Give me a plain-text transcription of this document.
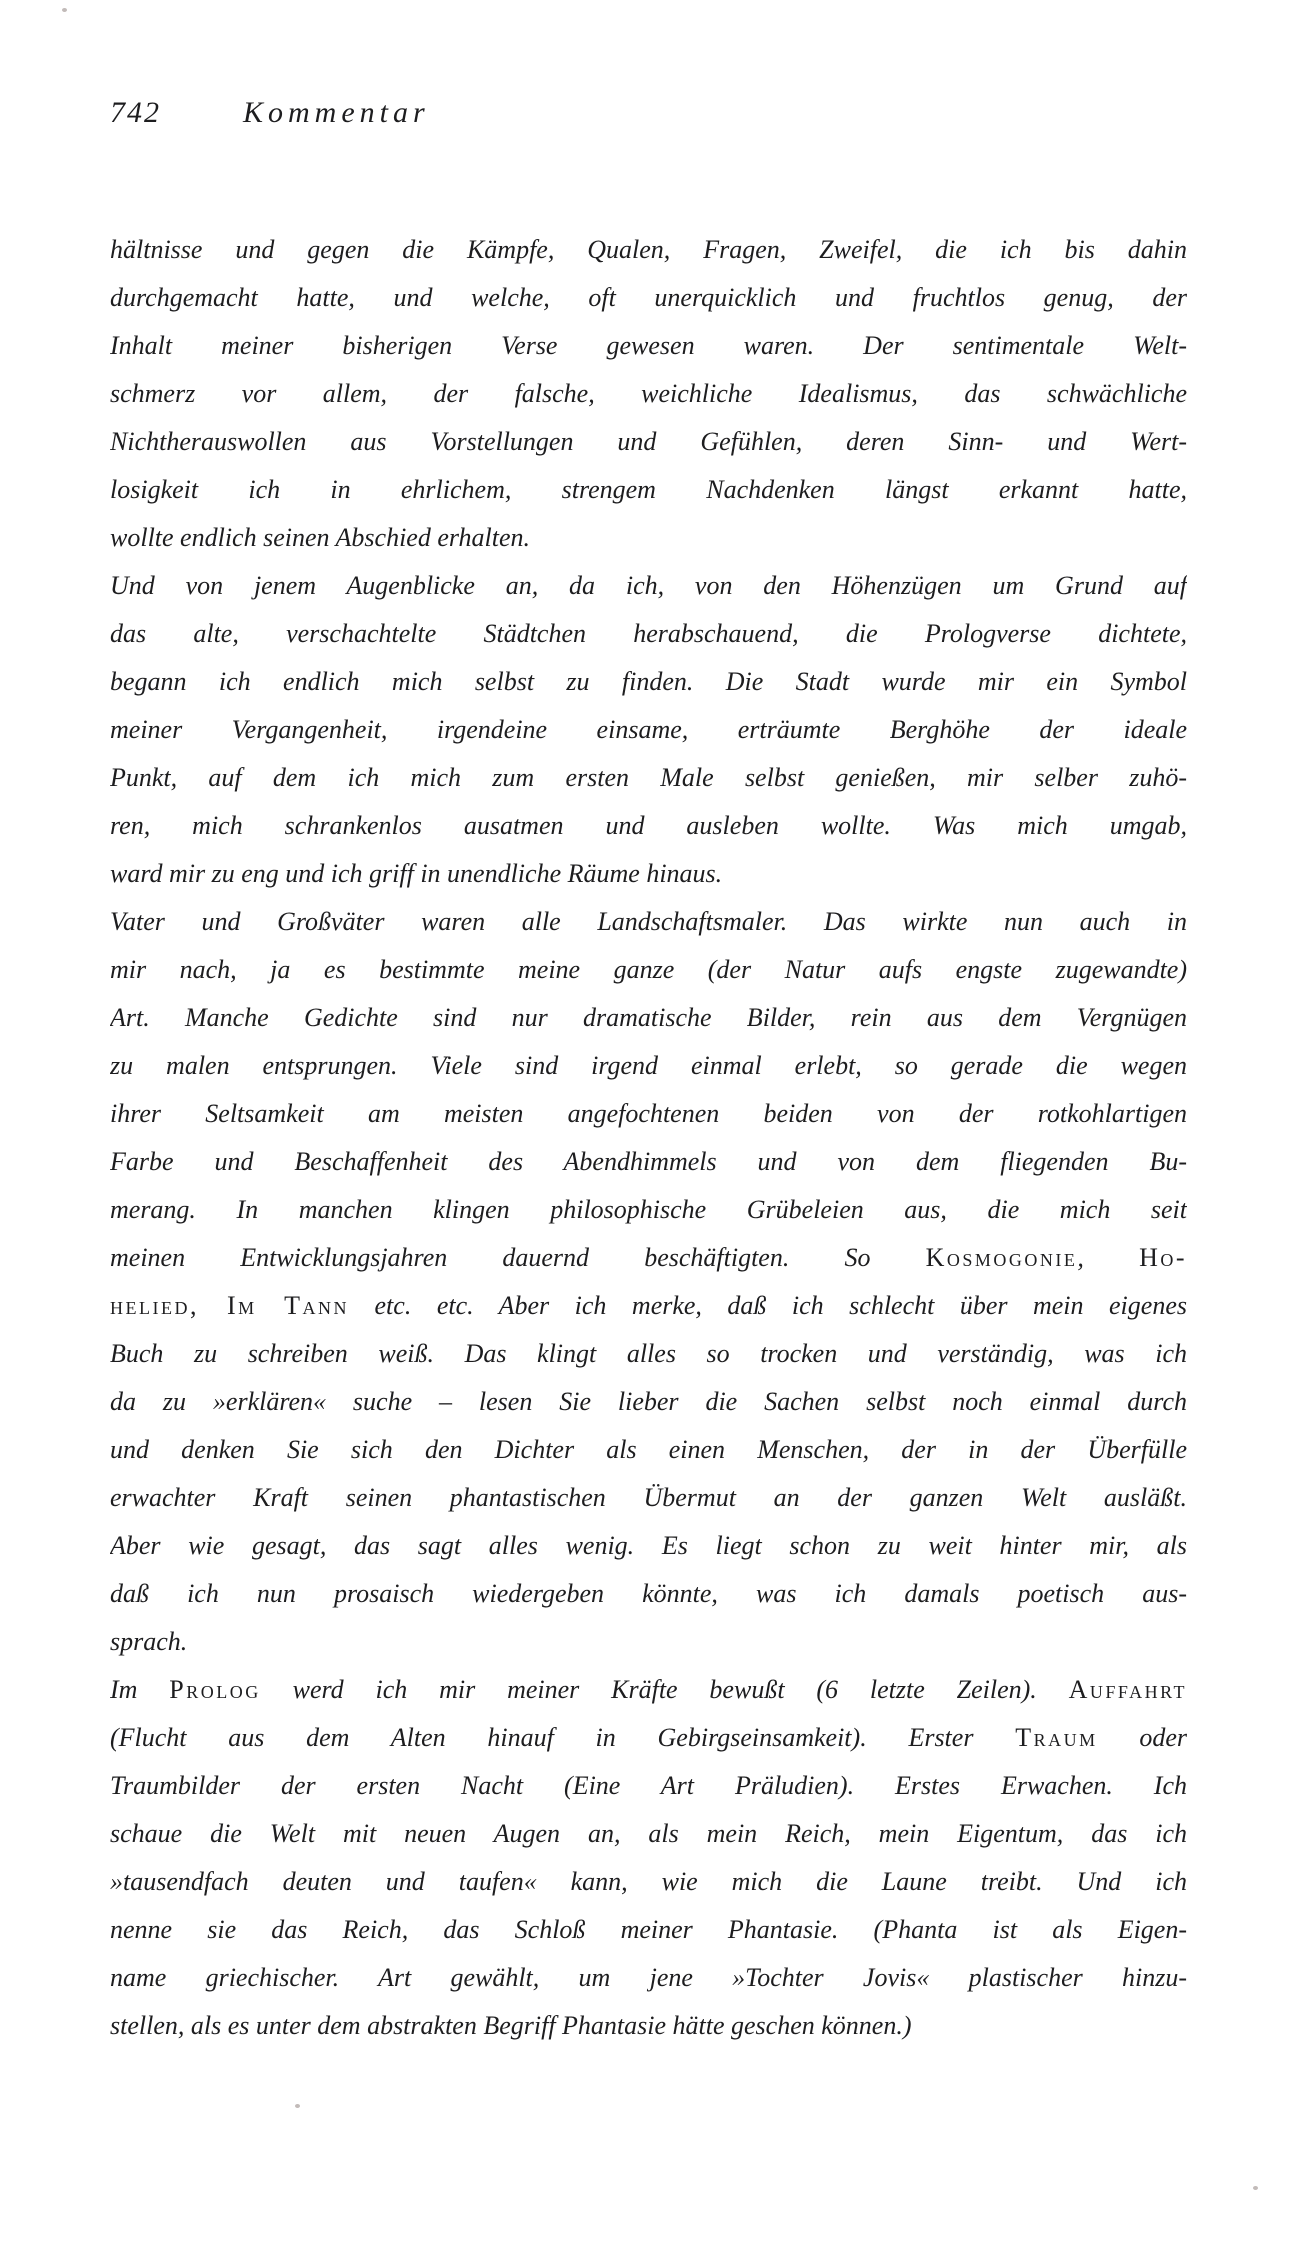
742	Kommentar
hältnisse und gegen die Kämpfe, Qualen, Fragen, Zweifel, die ich bis dahin
durchgemacht hatte, und welche, oft unerquicklich und fruchtlos genug, der
Inhalt meiner bisherigen Verse gewesen waren. Der sentimentale Welt-
schmerz vor allem, der falsche, weichliche Idealismus, das schwächliche
Nichtherauswollen aus Vorstellungen und Gefühlen, deren Sinn- und Wert-
losigkeit ich in ehrlichem, strengem Nachdenken längst erkannt hatte,
wollte endlich seinen Abschied erhalten.
Und von jenem Augenblicke an, da ich, von den Höhenzügen um Grund auf
das alte, verschachtelte Städtchen herabschauend, die Prologverse dichtete,
begann ich endlich mich selbst zu finden. Die Stadt wurde mir ein Symbol
meiner Vergangenheit, irgendeine einsame, erträumte Berghöhe der ideale
Punkt, auf dem ich mich zum ersten Male selbst genießen, mir selber zuhö-
ren, mich schrankenlos ausatmen und ausleben wollte. Was mich umgab,
ward mir zu eng und ich griff in unendliche Räume hinaus.
Vater und Großväter waren alle Landschaftsmaler. Das wirkte nun auch in
mir nach, ja es bestimmte meine ganze (der Natur aufs engste zugewandte)
Art. Manche Gedichte sind nur dramatische Bilder, rein aus dem Vergnügen
zu malen entsprungen. Viele sind irgend einmal erlebt, so gerade die wegen
ihrer Seltsamkeit am meisten angefochtenen beiden von der rotkohlartigen
Farbe und Beschaffenheit des Abendhimmels und von dem fliegenden Bu-
merang. In manchen klingen philosophische Grübeleien aus, die mich seit
meinen Entwicklungsjahren dauernd beschäftigten. So Kosmogonie, Ho-
helied, Im Tann etc. etc. Aber ich merke, daß ich schlecht über mein eigenes
Buch zu schreiben weiß. Das klingt alles so trocken und verständig, was ich
da zu »erklären« suche – lesen Sie lieber die Sachen selbst noch einmal durch
und denken Sie sich den Dichter als einen Menschen, der in der Überfülle
erwachter Kraft seinen phantastischen Übermut an der ganzen Welt ausläßt.
Aber wie gesagt, das sagt alles wenig. Es liegt schon zu weit hinter mir, als
daß ich nun prosaisch wiedergeben könnte, was ich damals poetisch aus-
sprach.
Im Prolog werd ich mir meiner Kräfte bewußt (6 letzte Zeilen). Auffahrt
(Flucht aus dem Alten hinauf in Gebirgseinsamkeit). Erster Traum oder
Traumbilder der ersten Nacht (Eine Art Präludien). Erstes Erwachen. Ich
schaue die Welt mit neuen Augen an, als mein Reich, mein Eigentum, das ich
»tausendfach deuten und taufen« kann, wie mich die Laune treibt. Und ich
nenne sie das Reich, das Schloß meiner Phantasie. (Phanta ist als Eigen-
name griechischer. Art gewählt, um jene »Tochter Jovis« plastischer hinzu-
stellen, als es unter dem abstrakten Begriff Phantasie hätte geschen können.)
